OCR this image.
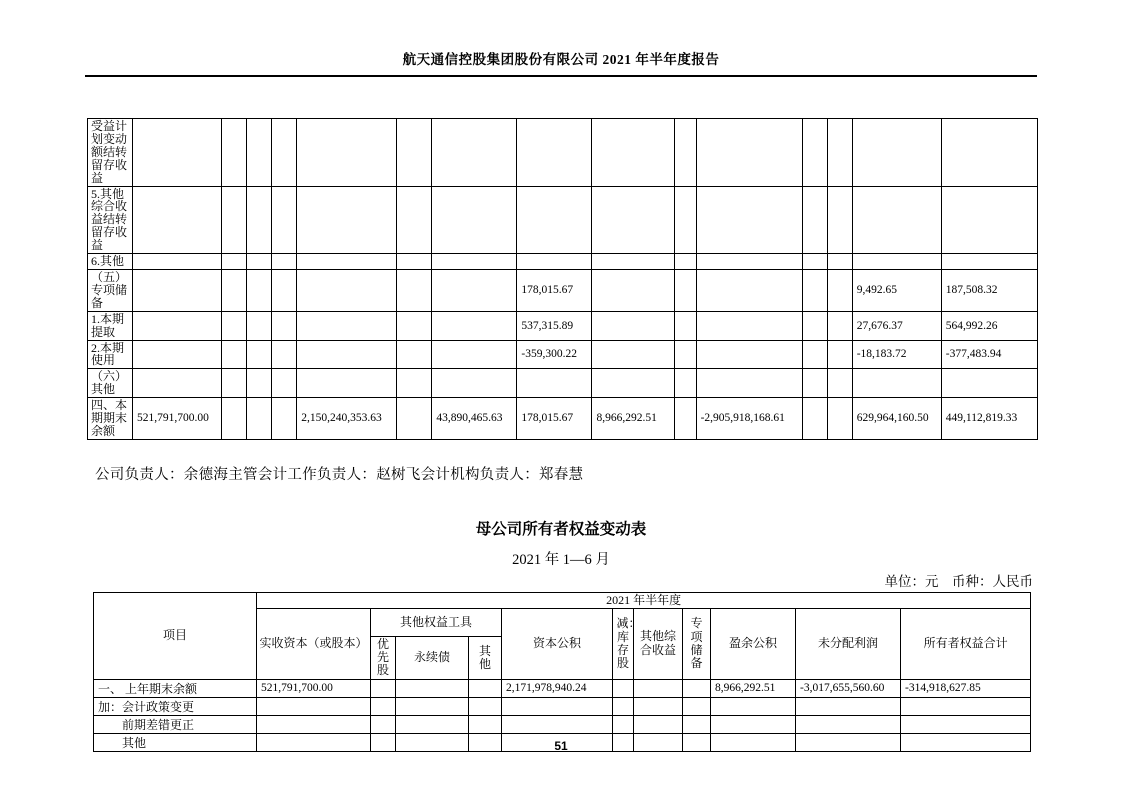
航天通信控股集团股份有限公司 2021 年半年度报告
受益计划变动额结转留存收益															
5.其他综合收益结转留存收益															
6.其他															
（五）专项储备								178,015.67						9,492.65	187,508.32
1.本期提取								537,315.89						27,676.37	564,992.26
2.本期使用								-359,300.22						-18,183.72	-377,483.94
（六）其他															
四、本期期末余额	521,791,700.00				2,150,240,353.63		43,890,465.63	178,015.67	8,966,292.51		-2,905,918,168.61			629,964,160.50	449,112,819.33
公司负责人：余德海主管会计工作负责人：赵树飞会计机构负责人：郑春慧
母公司所有者权益变动表
2021 年 1—6 月
单位：元　币种：人民币
项目	2021 年半年度										
	实收资本（或股本）	其他权益工具			资本公积	减：库存股	其他综合收益	专项储备	盈余公积	未分配利润	所有者权益合计
		优先股	永续债	其他							
一、 上年期末余额	521,791,700.00				2,171,978,940.24				8,966,292.51	-3,017,655,560.60	-314,918,627.85
加：会计政策变更											
前期差错更正											
其他												51
